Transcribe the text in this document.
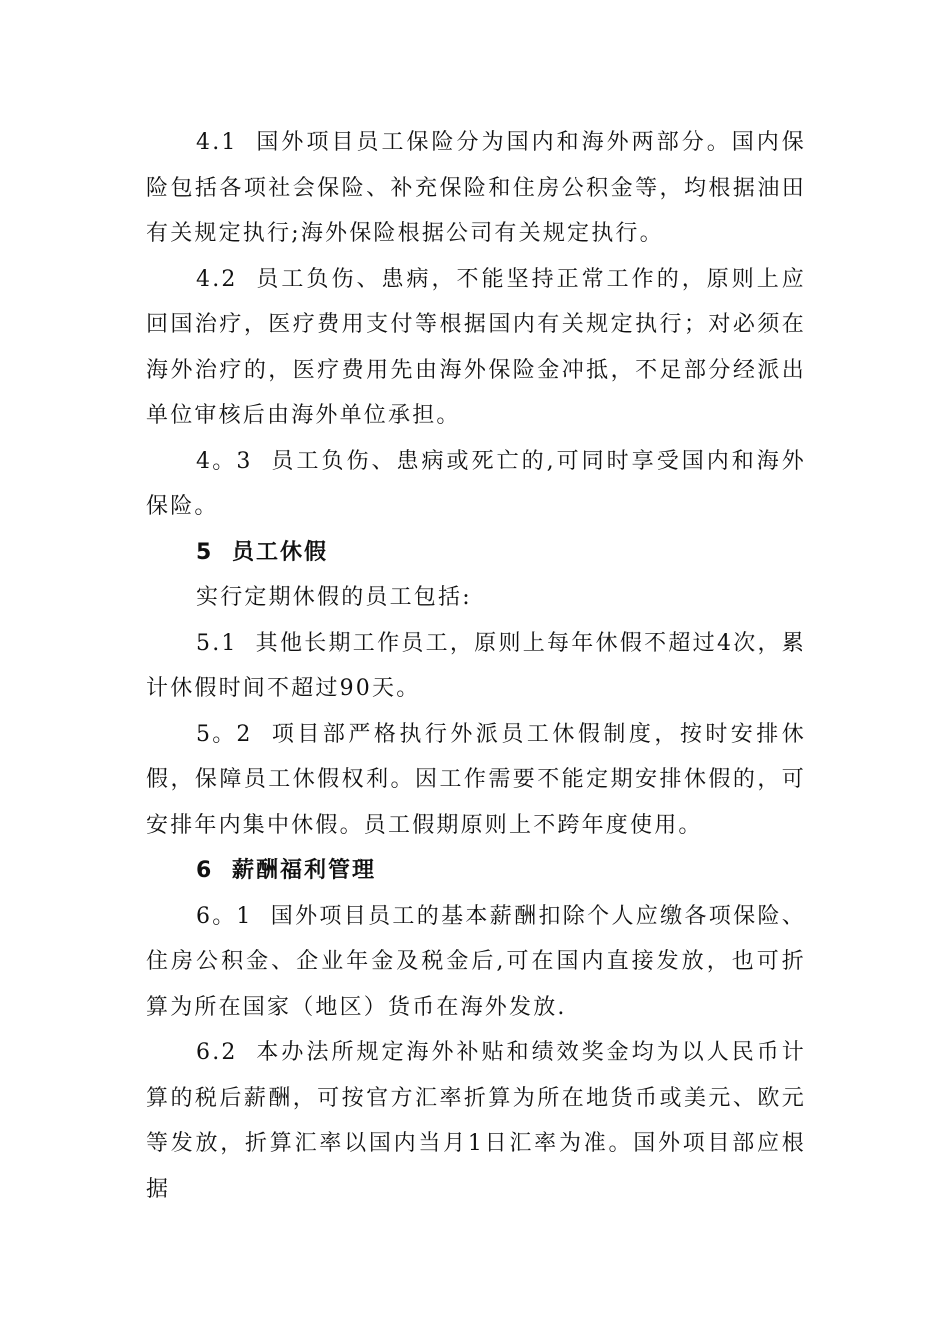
4.1 国外项目员工保险分为国内和海外两部分。国内保险包括各项社会保险、补充保险和住房公积金等，均根据油田有关规定执行;海外保险根据公司有关规定执行。

4.2 员工负伤、患病，不能坚持正常工作的，原则上应回国治疗，医疗费用支付等根据国内有关规定执行；对必须在海外治疗的，医疗费用先由海外保险金冲抵，不足部分经派出单位审核后由海外单位承担。

4。3 员工负伤、患病或死亡的,可同时享受国内和海外保险。

5 员工休假

实行定期休假的员工包括:

5.1 其他长期工作员工，原则上每年休假不超过4次，累计休假时间不超过90天。

5。2 项目部严格执行外派员工休假制度，按时安排休假，保障员工休假权利。因工作需要不能定期安排休假的，可安排年内集中休假。员工假期原则上不跨年度使用。

6 薪酬福利管理

6。1 国外项目员工的基本薪酬扣除个人应缴各项保险、住房公积金、企业年金及税金后,可在国内直接发放，也可折算为所在国家（地区）货币在海外发放.

6.2 本办法所规定海外补贴和绩效奖金均为以人民币计算的税后薪酬，可按官方汇率折算为所在地货币或美元、欧元等发放，折算汇率以国内当月1日汇率为准。国外项目部应根据
